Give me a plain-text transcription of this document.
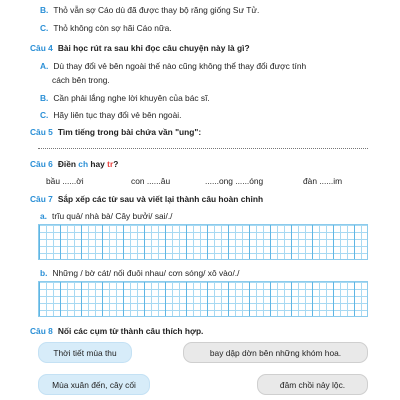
B. Thỏ vẫn sợ Cáo dù đã được thay bộ răng giống Sư Tử.
C. Thỏ không còn sợ hãi Cáo nữa.
Câu 4 Bài học rút ra sau khi đọc câu chuyện này là gì?
A. Dù thay đổi vẻ bên ngoài thế nào cũng không thể thay đổi được tính
cách bên trong.
B. Cần phải lắng nghe lời khuyên của bác sĩ.
C. Hãy liên tục thay đổi vẻ bên ngoài.
Câu 5 Tìm tiếng trong bài chứa vần "ung":
Câu 6 Điền ch hay tr?
bầu ......ời	con ......âu	......ong ......óng	đàn ......im
Câu 7 Sắp xếp các từ sau và viết lại thành câu hoàn chỉnh
a. trĩu quả/ nhà bà/ Cây bưởi/ sai/./
b. Những / bờ cát/ nối đuôi nhau/ cơn sóng/ xô vào/./
Câu 8 Nối các cụm từ thành câu thích hợp.
Thời tiết mùa thu	bay dập dờn bên những khóm hoa.
Mùa xuân đến, cây cối	đâm chồi nảy lộc.
